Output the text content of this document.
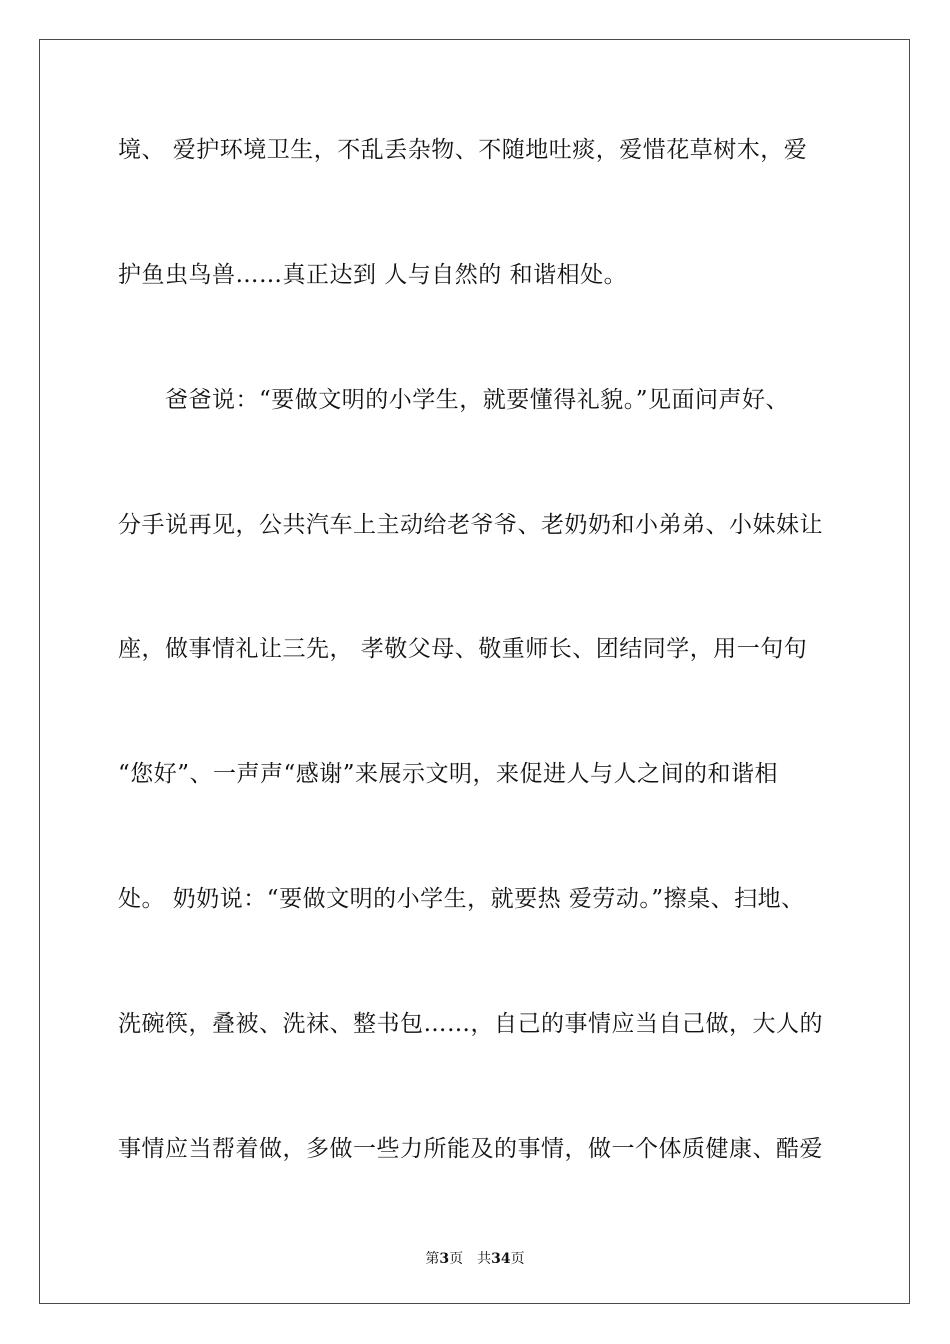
境、 爱护环境卫生，不乱丢杂物、不随地吐痰，爱惜花草树木，爱
护鱼虫鸟兽……真正达到 人与自然的 和谐相处。
　　爸爸说：“要做文明的小学生，就要懂得礼貌。”见面问声好、
分手说再见，公共汽车上主动给老爷爷、老奶奶和小弟弟、小妹妹让
座，做事情礼让三先， 孝敬父母、敬重师长、团结同学，用一句句
“您好”、一声声“感谢”来展示文明，来促进人与人之间的和谐相
处。 奶奶说：“要做文明的小学生，就要热 爱劳动。”擦桌、扫地、
洗碗筷，叠被、洗袜、整书包……，自己的事情应当自己做，大人的
事情应当帮着做，多做一些力所能及的事情，做一个体质健康、酷爱
第3页 共34页
